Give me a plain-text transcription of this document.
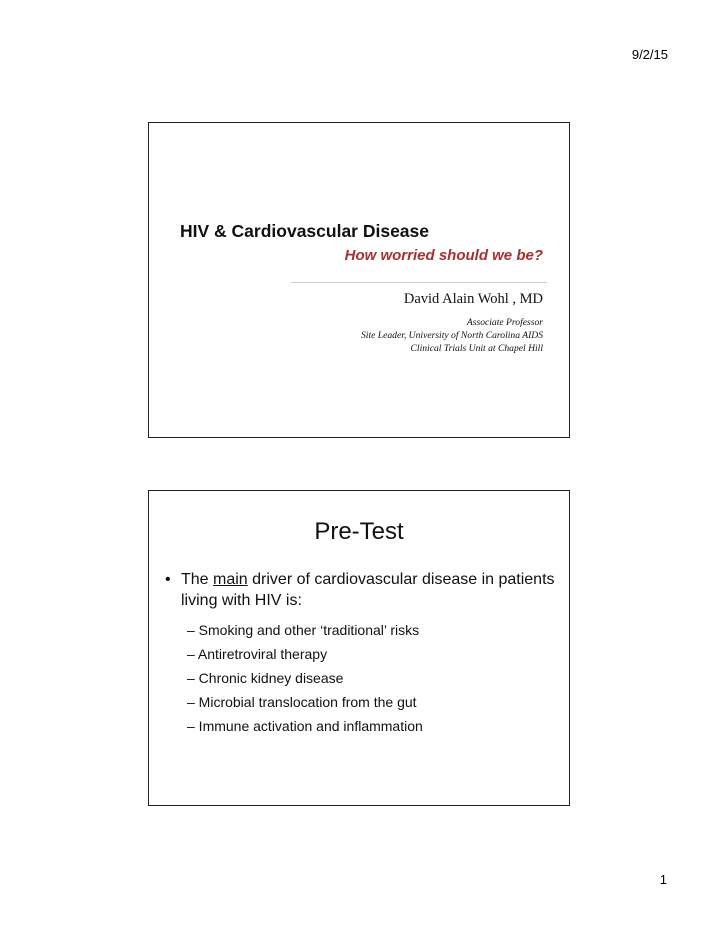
9/2/15
HIV & Cardiovascular Disease
How worried should we be?
David Alain Wohl , MD
Associate Professor
Site Leader, University of North Carolina AIDS
Clinical Trials Unit at Chapel Hill
Pre-Test
• The main driver of cardiovascular disease in patients living with HIV is:
– Smoking and other ‘traditional’ risks
– Antiretroviral therapy
– Chronic kidney disease
– Microbial translocation from the gut
– Immune activation and inflammation
1
